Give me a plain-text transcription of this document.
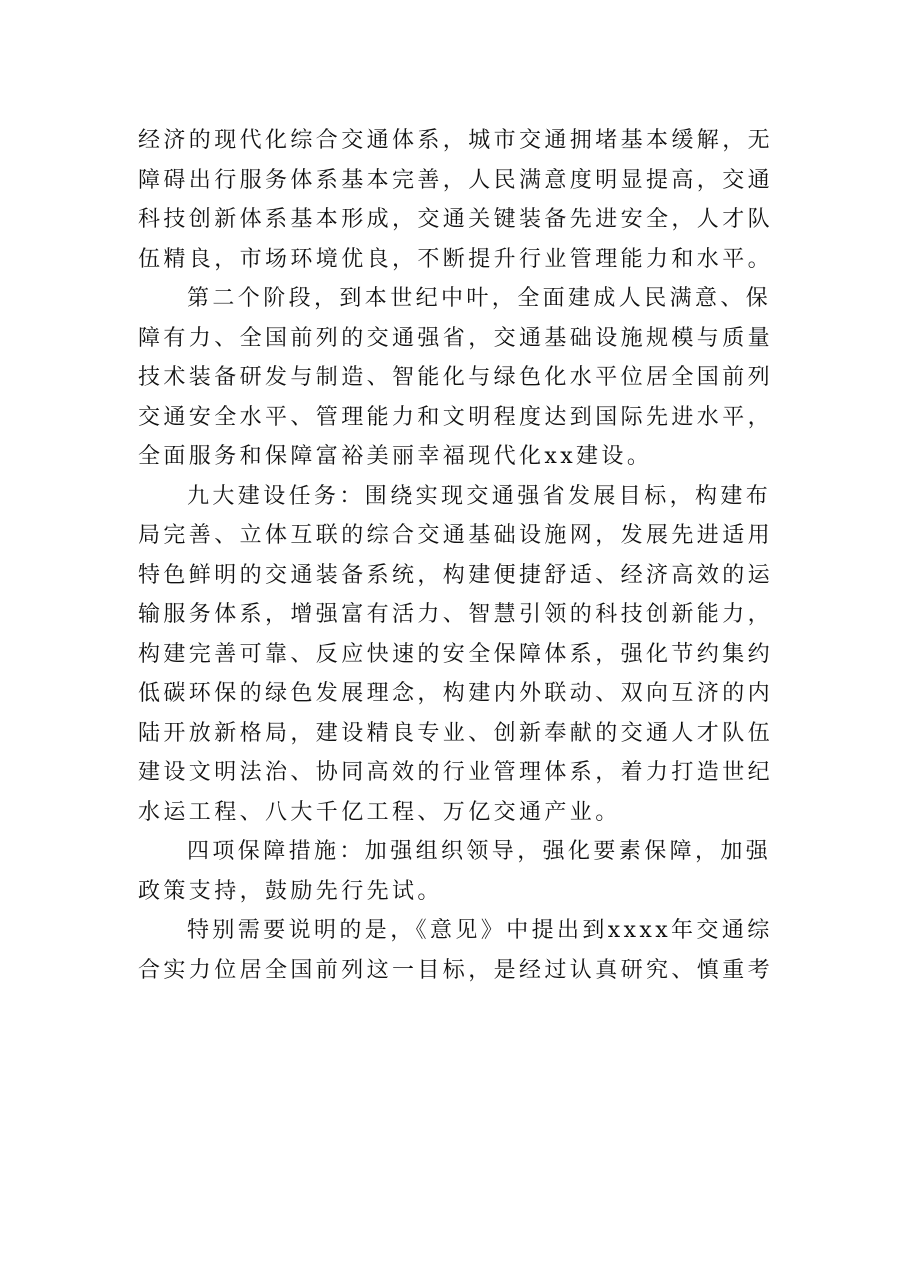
经济的现代化综合交通体系，城市交通拥堵基本缓解，无
障碍出行服务体系基本完善，人民满意度明显提高，交通
科技创新体系基本形成，交通关键装备先进安全，人才队
伍精良，市场环境优良，不断提升行业管理能力和水平。
第二个阶段，到本世纪中叶，全面建成人民满意、保
障有力、全国前列的交通强省，交通基础设施规模与质量
技术装备研发与制造、智能化与绿色化水平位居全国前列
交通安全水平、管理能力和文明程度达到国际先进水平，
全面服务和保障富裕美丽幸福现代化xx建设。
九大建设任务：围绕实现交通强省发展目标，构建布
局完善、立体互联的综合交通基础设施网，发展先进适用
特色鲜明的交通装备系统，构建便捷舒适、经济高效的运
输服务体系，增强富有活力、智慧引领的科技创新能力，
构建完善可靠、反应快速的安全保障体系，强化节约集约
低碳环保的绿色发展理念，构建内外联动、双向互济的内
陆开放新格局，建设精良专业、创新奉献的交通人才队伍
建设文明法治、协同高效的行业管理体系，着力打造世纪
水运工程、八大千亿工程、万亿交通产业。
四项保障措施：加强组织领导，强化要素保障，加强
政策支持，鼓励先行先试。
特别需要说明的是，《意见》中提出到xxxx年交通综
合实力位居全国前列这一目标，是经过认真研究、慎重考
